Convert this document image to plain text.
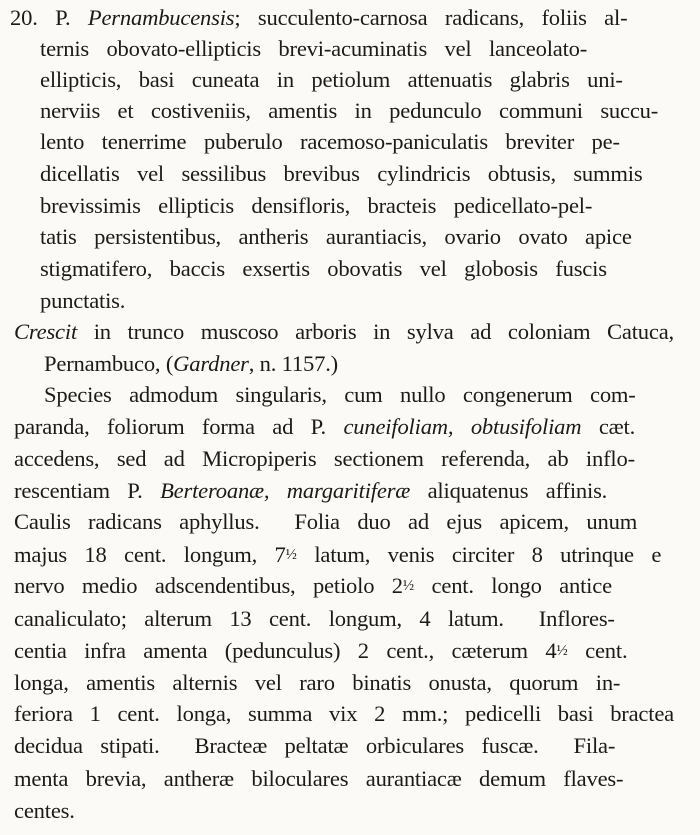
20. P. Pernambucensis; succulento-carnosa radicans, foliis al-
ternis obovato-ellipticis brevi-acuminatis vel lanceolato-
ellipticis, basi cuneata in petiolum attenuatis glabris uni-
nerviis et costiveniis, amentis in pedunculo communi succu-
lento tenerrime puberulo racemoso-paniculatis breviter pe-
dicellatis vel sessilibus brevibus cylindricis obtusis, summis
brevissimis ellipticis densifloris, bracteis pedicellato-pel-
tatis persistentibus, antheris aurantiacis, ovario ovato apice
stigmatifero, baccis exsertis obovatis vel globosis fuscis
punctatis.
Crescit in trunco muscoso arboris in sylva ad coloniam Catuca,
Pernambuco, (Gardner, n. 1157.)
Species admodum singularis, cum nullo congenerum com-
paranda, foliorum forma ad P. cuneifoliam, obtusifoliam cæt.
accedens, sed ad Micropiperis sectionem referenda, ab inflo-
rescentiam P. Berteroanæ, margaritiferæ aliquatenus affinis.
Caulis radicans aphyllus.  Folia duo ad ejus apicem, unum
majus 18 cent. longum, 7½ latum, venis circiter 8 utrinque e
nervo medio adscendentibus, petiolo 2½ cent. longo antice
canaliculato; alterum 13 cent. longum, 4 latum.  Inflores-
centia infra amenta (pedunculus) 2 cent., cæterum 4½ cent.
longa, amentis alternis vel raro binatis onusta, quorum in-
feriora 1 cent. longa, summa vix 2 mm.; pedicelli basi bractea
decidua stipati.  Bracteæ peltatæ orbiculares fuscæ.  Fila-
menta brevia, antheræ biloculares aurantiacæ demum flaves-
centes.
